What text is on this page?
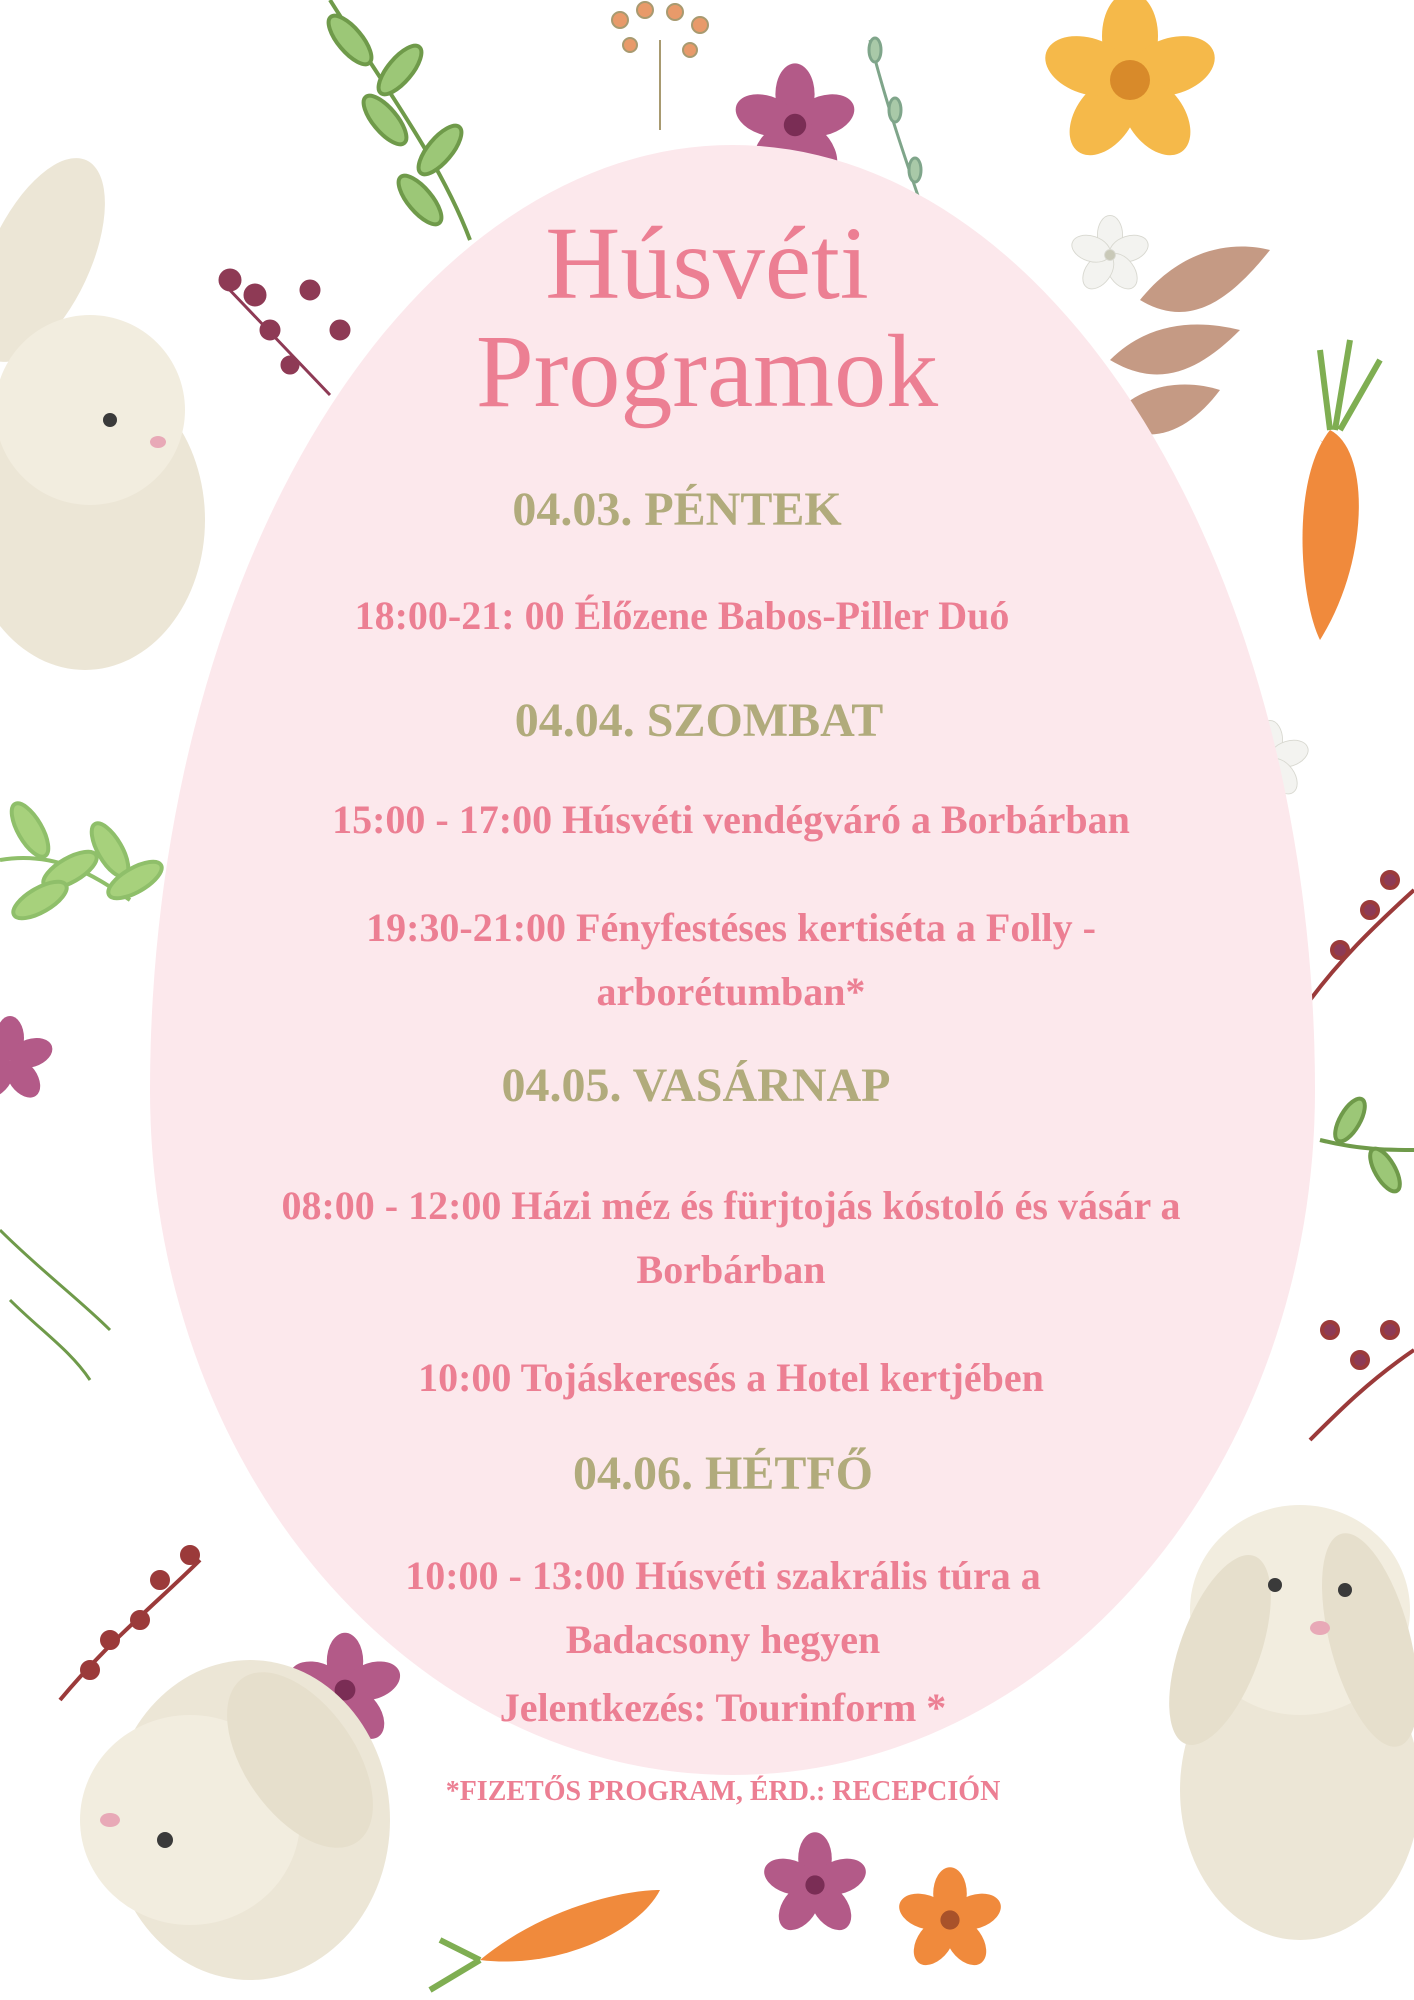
Húsvéti
Programok
04.03. PÉNTEK
18:00-21: 00 Élőzene Babos-Piller Duó
04.04. SZOMBAT
15:00 - 17:00 Húsvéti vendégváró a Borbárban
19:30-21:00 Fényfestéses kertiséta a Folly -
arborétumban*
04.05. VASÁRNAP
08:00 - 12:00 Házi méz és fürjtojás kóstoló és vásár a
Borbárban
10:00 Tojáskeresés a Hotel kertjében
04.06. HÉTFŐ
10:00 - 13:00 Húsvéti szakrális túra a
Badacsony hegyen
Jelentkezés: Tourinform *
*FIZETŐS PROGRAM, ÉRD.: RECEPCIÓN
